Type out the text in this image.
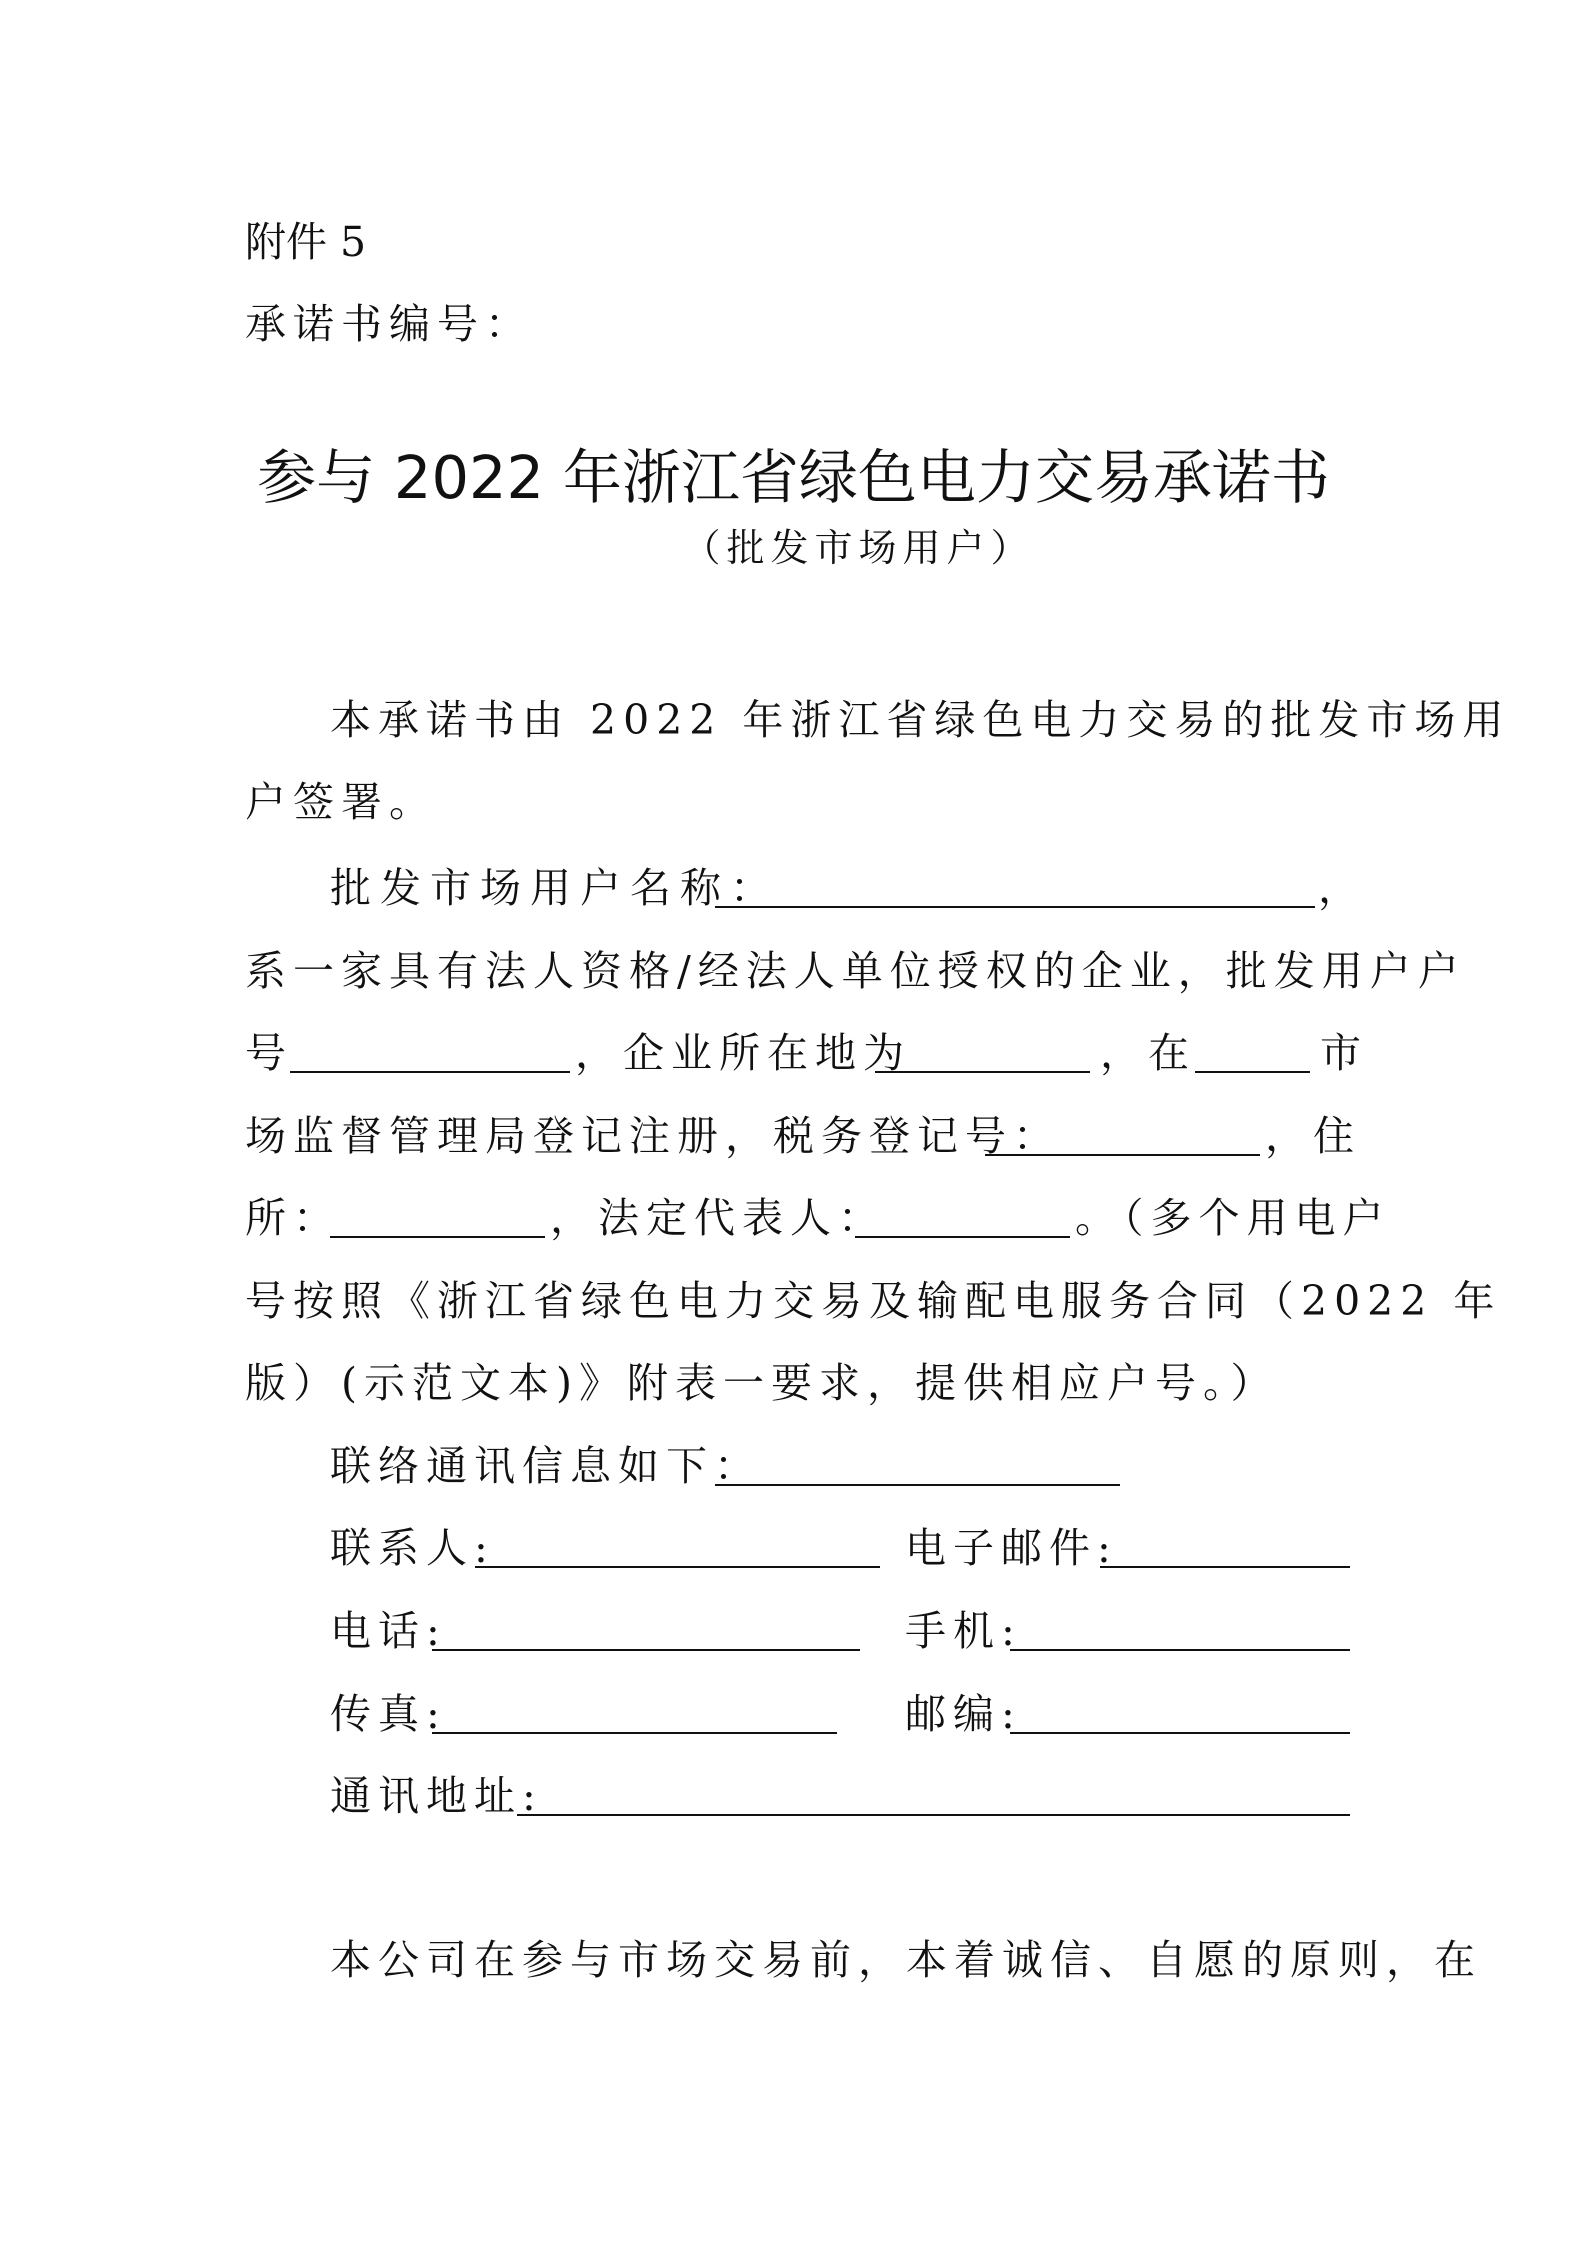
附件 5
承诺书编号：
参与 2022 年浙江省绿色电力交易承诺书
（批发市场用户）
本承诺书由 2022 年浙江省绿色电力交易的批发市场用
户签署。
批发市场用户名称：	，
系一家具有法人资格/经法人单位授权的企业，批发用户户
号	，企业所在地为	，在	市
场监督管理局登记注册，税务登记号：	，住
所：	，法定代表人：	。（多个用电户
号按照《浙江省绿色电力交易及输配电服务合同（2022 年
版）(示范文本)》附表一要求，提供相应户号。）
联络通讯信息如下：
联系人:	电子邮件:
电话:	手机:
传真:	邮编:
通讯地址:
本公司在参与市场交易前，本着诚信、自愿的原则，在
